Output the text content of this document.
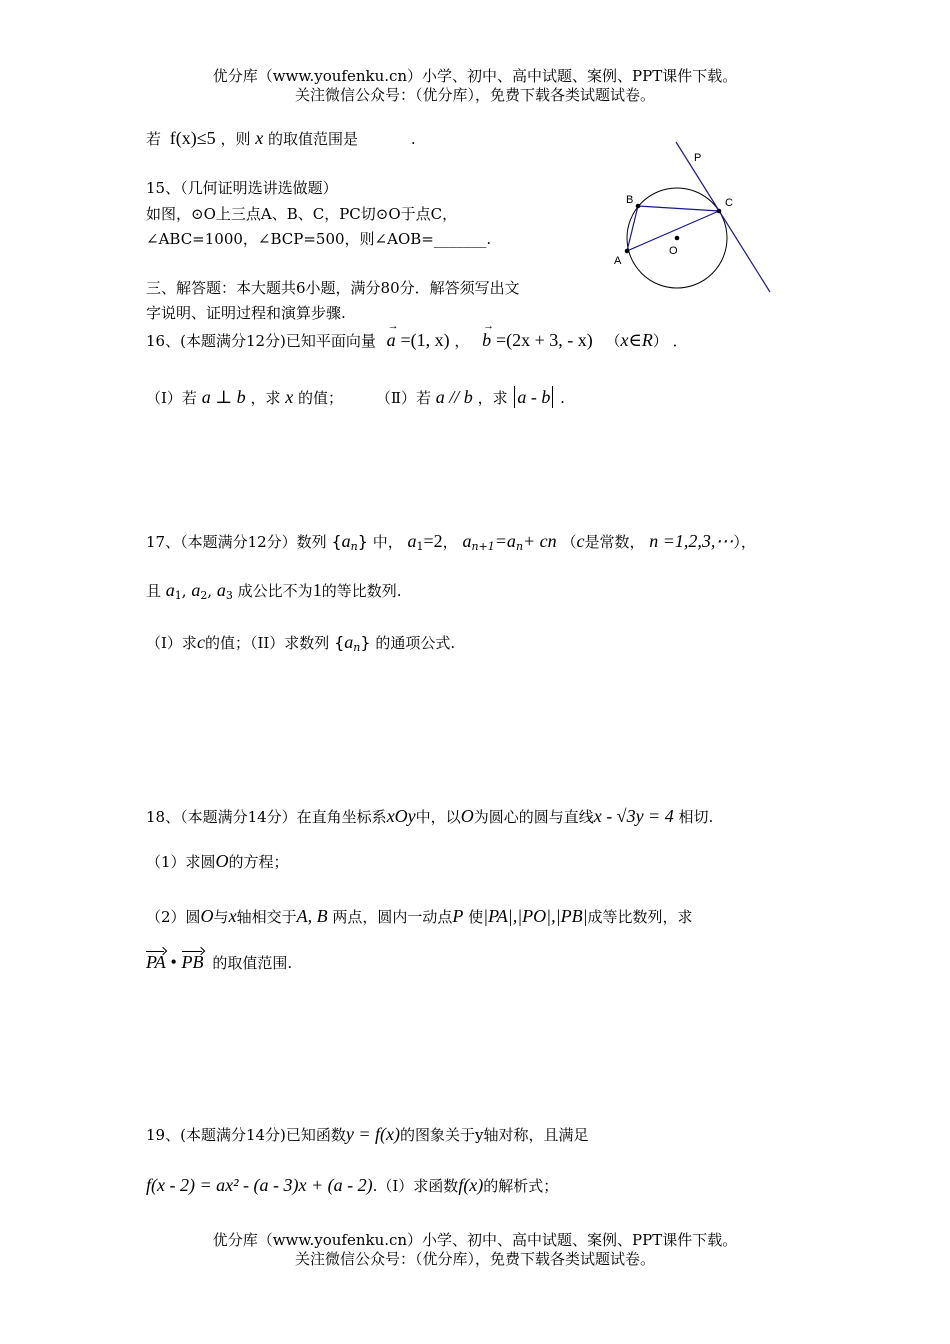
优分库（www.youfenku.cn）小学、初中、高中试题、案例、PPT课件下载。
关注微信公众号：（优分库），免费下载各类试题试卷。
若 f(x)≤5 ，则 x 的取值范围是	.
15、（几何证明选讲选做题）
如图，⊙O上三点A、B、C，PC切⊙O于点C，
∠ABC=1000，∠BCP=500，则∠AOB=_______.
P
B	C
O
A
三、解答题：本大题共6小题，满分80分．解答须写出文
字说明、证明过程和演算步骤.
16、(本题满分12分)已知平面向量 → a =(1, x) ， → b =(2x + 3, - x) （x∈R） ．
（Ⅰ）若 a ⊥ b ，求 x 的值； （Ⅱ）若 a // b ，求 a - b .
17、（本题满分12分）数列 $\{a_n\}$ 中， $a_1=2$， $a_{n+1}=a_n+$ cn （c是常数， n =1,2,3,⋯），
且 $a_1$, $a_2$, $a_3$ 成公比不为1的等比数列.
（I）求c的值；（II）求数列 $\{a_n\}$ 的通项公式.
18、（本题满分14分）在直角坐标系xOy中，以O为圆心的圆与直线x - √3y = 4 相切.
（1）求圆O的方程；
（2）圆O与x轴相交于A, B 两点，圆内一动点P 使|PA|,|PO|,|PB|成等比数列，求
PA • PB 的取值范围.
19、(本题满分14分)已知函数y = f(x)的图象关于y轴对称，且满足
f(x - 2) = ax² - (a - 3)x + (a - 2).（Ⅰ）求函数f(x)的解析式；
优分库（www.youfenku.cn）小学、初中、高中试题、案例、PPT课件下载。
关注微信公众号：（优分库），免费下载各类试题试卷。
